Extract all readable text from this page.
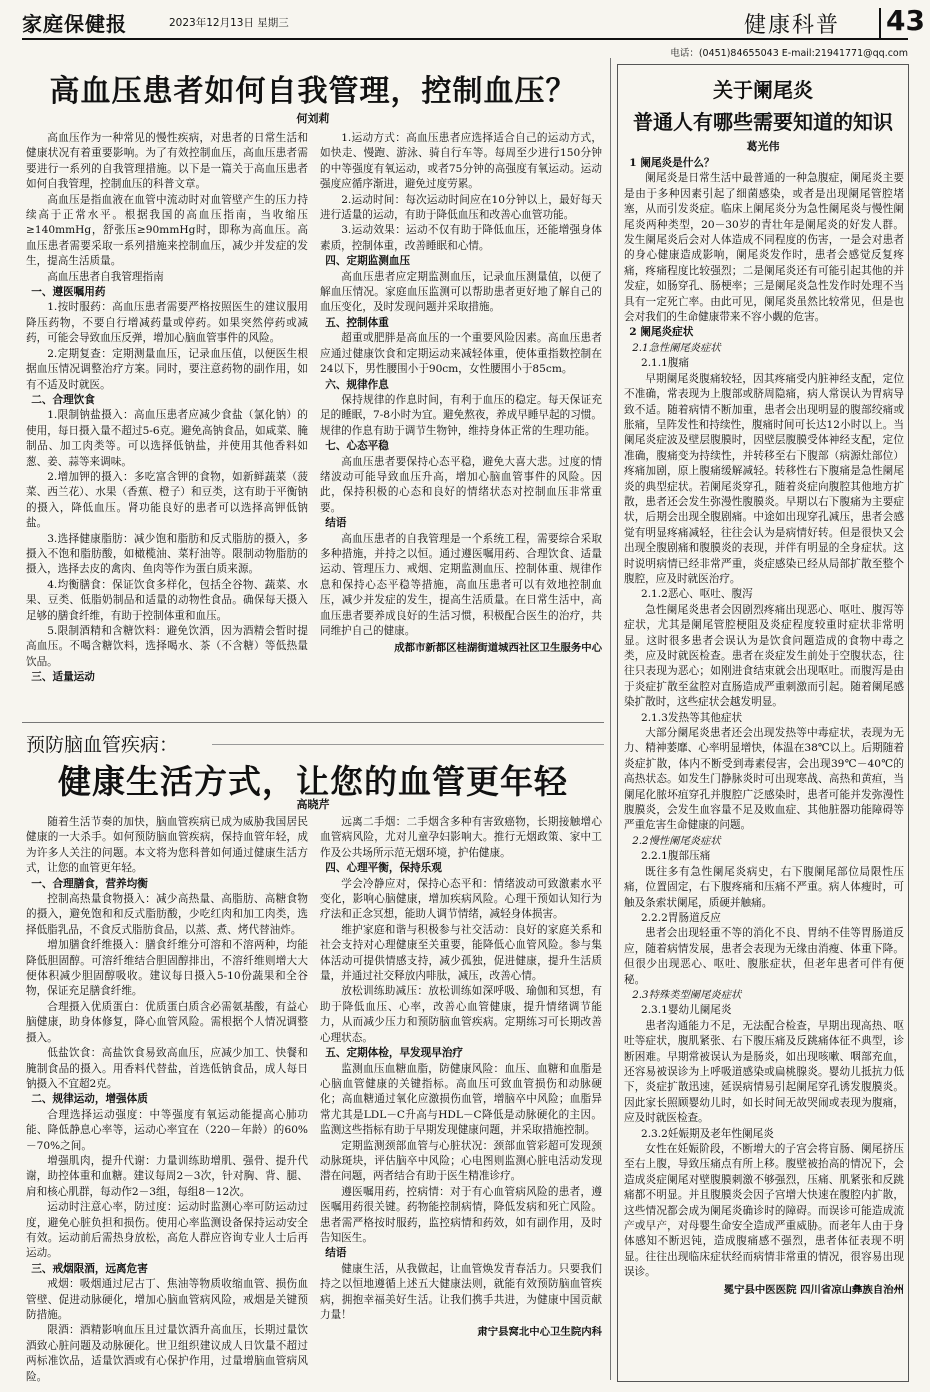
家庭保健报	2023年12月13日 星期三	健康科普 43
电话：(0451)84655043 E-mail:21941771@qq.com
高血压患者如何自我管理，控制血压？
何刘莉

高血压作为一种常见的慢性疾病，对患者的日常生活和健康状况有着重要影响。为了有效控制血压，高血压患者需要进行一系列的自我管理措施。以下是一篇关于高血压患者如何自我管理，控制血压的科普文章。

高血压是指血液在血管中流动时对血管壁产生的压力持续高于正常水平。根据我国的高血压指南，当收缩压≥140mmHg，舒张压≥90mmHg时，即称为高血压。高血压患者需要采取一系列措施来控制血压，减少并发症的发生，提高生活质量。

高血压患者自我管理指南

一、遵医嘱用药

1.按时服药：高血压患者需要严格按照医生的建议服用降压药物，不要自行增减药量或停药。如果突然停药或减药，可能会导致血压反弹，增加心脑血管事件的风险。

2.定期复查：定期测量血压，记录血压值，以便医生根据血压情况调整治疗方案。同时，要注意药物的副作用，如有不适及时就医。

二、合理饮食

1.限制钠盐摄入：高血压患者应减少食盐（氯化钠）的使用，每日摄入量不超过5-6克。避免高钠食品，如咸菜、腌制品、加工肉类等。可以选择低钠盐，并使用其他香料如葱、姜、蒜等来调味。

2.增加钾的摄入：多吃富含钾的食物，如新鲜蔬菜（菠菜、西兰花）、水果（香蕉、橙子）和豆类，这有助于平衡钠的摄入，降低血压。肾功能良好的患者可以选择高钾低钠盐。

3.选择健康脂肪：减少饱和脂肪和反式脂肪的摄入，多摄入不饱和脂肪酸，如橄榄油、菜籽油等。限制动物脂肪的摄入，选择去皮的禽肉、鱼肉等作为蛋白质来源。

4.均衡膳食：保证饮食多样化，包括全谷物、蔬菜、水果、豆类、低脂奶制品和适量的动物性食品。确保每天摄入足够的膳食纤维，有助于控制体重和血压。

5.限制酒精和含糖饮料：避免饮酒，因为酒精会暂时提高血压。不喝含糖饮料，选择喝水、茶（不含糖）等低热量饮品。

三、适量运动

1.运动方式：高血压患者应选择适合自己的运动方式，如快走、慢跑、游泳、骑自行车等。每周至少进行150分钟的中等强度有氧运动，或者75分钟的高强度有氧运动。运动强度应循序渐进，避免过度劳累。

2.运动时间：每次运动时间应在10分钟以上，最好每天进行适量的运动，有助于降低血压和改善心血管功能。

3.运动效果：运动不仅有助于降低血压，还能增强身体素质，控制体重，改善睡眠和心情。

四、定期监测血压

高血压患者应定期监测血压，记录血压测量值，以便了解血压情况。家庭血压监测可以帮助患者更好地了解自己的血压变化，及时发现问题并采取措施。

五、控制体重

超重或肥胖是高血压的一个重要风险因素。高血压患者应通过健康饮食和定期运动来减轻体重，使体重指数控制在24以下，男性腰围小于90cm，女性腰围小于85cm。

六、规律作息

保持规律的作息时间，有利于血压的稳定。每天保证充足的睡眠，7-8小时为宜。避免熬夜，养成早睡早起的习惯。规律的作息有助于调节生物钟，维持身体正常的生理功能。

七、心态平稳

高血压患者要保持心态平稳，避免大喜大悲。过度的情绪波动可能导致血压升高，增加心脑血管事件的风险。因此，保持积极的心态和良好的情绪状态对控制血压非常重要。

结语

高血压患者的自我管理是一个系统工程，需要综合采取多种措施，并持之以恒。通过遵医嘱用药、合理饮食、适量运动、管理压力、戒烟、定期监测血压、控制体重、规律作息和保持心态平稳等措施，高血压患者可以有效地控制血压，减少并发症的发生，提高生活质量。在日常生活中，高血压患者要养成良好的生活习惯，积极配合医生的治疗，共同维护自己的健康。

成都市新都区桂湖街道城西社区卫生服务中心
预防脑血管疾病：
健康生活方式，让您的血管更年轻
高晓芹

随着生活节奏的加快，脑血管疾病已成为威胁我国居民健康的一大杀手。如何预防脑血管疾病，保持血管年轻，成为许多人关注的问题。本文将为您科普如何通过健康生活方式，让您的血管更年轻。

一、合理膳食，营养均衡

控制高热量食物摄入：减少高热量、高脂肪、高糖食物的摄入，避免饱和和反式脂肪酸，少吃红肉和加工肉类，选择低脂乳品，不食反式脂肪食品，以蒸、煮、烤代替油炸。

增加膳食纤维摄入：膳食纤维分可溶和不溶两种，均能降低胆固醇。可溶纤维结合胆固醇排出，不溶纤维则增大大便体积减少胆固醇吸收。建议每日摄入5-10份蔬果和全谷物，保证充足膳食纤维。

合理摄入优质蛋白：优质蛋白质含必需氨基酸，有益心脑健康，助身体修复，降心血管风险。需根据个人情况调整摄入。

低盐饮食：高盐饮食易致高血压，应减少加工、快餐和腌制食品的摄入。用香料代替盐，首选低钠食品，成人每日钠摄入不宜超2克。

二、规律运动，增强体质

合理选择运动强度：中等强度有氧运动能提高心肺功能、降低静息心率等，运动心率宜在（220－年龄）的60%－70%之间。

增强肌肉，提升代谢：力量训练助增肌、强骨、提升代谢，助控体重和血糖。建议每周2－3次，针对胸、背、腿、肩和核心肌群，每动作2－3组，每组8－12次。

运动时注意心率，防过度：运动时监测心率可防运动过度，避免心脏负担和损伤。使用心率监测设备保持运动安全有效。运动前后需热身放松，高危人群应咨询专业人士后再运动。

三、戒烟限酒，远离危害

戒烟：吸烟通过尼古丁、焦油等物质收缩血管、损伤血管壁、促进动脉硬化，增加心脑血管病风险，戒烟是关键预防措施。

限酒：酒精影响血压且过量饮酒升高血压，长期过量饮酒致心脏问题及动脉硬化。世卫组织建议成人日饮量不超过两标准饮品，适量饮酒或有心保护作用，过量增脑血管病风险。

远离二手烟：二手烟含多种有害致癌物，长期接触增心血管病风险，尤对儿童孕妇影响大。推行无烟政策、家中工作及公共场所示范无烟环境，护佑健康。

四、心理平衡，保持乐观

学会冷静应对，保持心态平和：情绪波动可致激素水平变化，影响心脑健康，增加疾病风险。心理干预如认知行为疗法和正念冥想，能助人调节情绪，减轻身体损害。

维护家庭和谐与积极参与社交活动：良好的家庭关系和社会支持对心理健康至关重要，能降低心血管风险。参与集体活动可提供情感支持，减少孤独，促进健康，提升生活质量，并通过社交释放内啡肽，减压，改善心情。

放松训练助减压：放松训练如深呼吸、瑜伽和冥想，有助于降低血压、心率，改善心血管健康，提升情绪调节能力，从而减少压力和预防脑血管疾病。定期练习可长期改善心理状态。

五、定期体检，早发现早治疗

监测血压血糖血脂，防健康风险：血压、血糖和血脂是心脑血管健康的关键指标。高血压可致血管损伤和动脉硬化；高血糖通过氧化应激损伤血管，增脑卒中风险；血脂异常尤其是LDL－C升高与HDL－C降低是动脉硬化的主因。监测这些指标有助于早期发现健康问题，并采取措施控制。

定期监测颈部血管与心脏状况：颈部血管彩超可发现颈动脉斑块，评估脑卒中风险；心电图则监测心脏电活动发现潜在问题，两者结合有助于医生精准诊疗。

遵医嘱用药，控病情：对于有心血管病风险的患者，遵医嘱用药很关键。药物能控制病情，降低发病和死亡风险。患者需严格按时服药，监控病情和药效，如有副作用，及时告知医生。

结语

健康生活，从我做起，让血管焕发青春活力。只要我们持之以恒地遵循上述五大健康法则，就能有效预防脑血管疾病，拥抱幸福美好生活。让我们携手共进，为健康中国贡献力量！

肃宁县窝北中心卫生院内科
关于阑尾炎
普通人有哪些需要知道的知识
葛光伟
1 阑尾炎是什么？

阑尾炎是日常生活中最普通的一种急腹症，阑尾炎主要是由于多种因素引起了细菌感染，或者是出现阑尾管腔堵塞，从而引发炎症。临床上阑尾炎分为急性阑尾炎与慢性阑尾炎两种类型，20－30岁的青壮年是阑尾炎的好发人群。发生阑尾炎后会对人体造成不同程度的伤害，一是会对患者的身心健康造成影响，阑尾炎发作时，患者会感觉反复疼痛，疼痛程度比较强烈；二是阑尾炎还有可能引起其他的并发症，如肠穿孔、肠梗率；三是阑尾炎急性发作时处理不当具有一定死亡率。由此可见，阑尾炎虽然比较常见，但是也会对我们的生命健康带来不容小觑的危害。

2 阑尾炎症状
2.1急性阑尾炎症状

2.1.1腹痛

早期阑尾炎腹痛较轻，因其疼痛受内脏神经支配，定位不准确，常表现为上腹部或脐周隐痛，病人常误认为胃病导致不适。随着病情不断加重，患者会出现明显的腹部绞痛或胀痛，呈阵发性和持续性，腹痛时间可长达12小时以上。当阑尾炎症波及壁层腹膜时，因壁层腹膜受体神经支配，定位准确，腹痛变为持续性，并转移至右下腹部（病源灶部位）疼痛加剧，原上腹痛缓解减轻。转移性右下腹痛是急性阑尾炎的典型症状。若阑尾炎穿孔，随着炎症向腹腔其他地方扩散，患者还会发生弥漫性腹膜炎。早期以右下腹痛为主要症状，后期会出现全腹剧痛。中途如出现穿孔减压，患者会感觉有明显疼痛减轻，往往会认为是病情好转。但是很快又会出现全腹剧痛和腹膜炎的表现，并伴有明显的全身症状。这时说明病情已经非常严重，炎症感染已经从局部扩散至整个腹腔，应及时就医治疗。

2.1.2恶心、呕吐、腹泻

急性阑尾炎患者会因剧烈疼痛出现恶心、呕吐、腹泻等症状，尤其是阑尾管腔梗阻及炎症程度较重时症状非常明显。这时很多患者会误认为是饮食问题造成的食物中毒之类，应及时就医检查。患者在炎症发生前处于空腹状态，往往只表现为恶心；如刚进食结束就会出现呕吐。而腹泻是由于炎症扩散至盆腔对直肠造成严重刺激而引起。随着阑尾感染扩散时，这些症状会越发明显。

2.1.3发热等其他症状

大部分阑尾炎患者还会出现发热等中毒症状，表现为无力、精神萎靡、心率明显增快，体温在38℃以上。后期随着炎症扩散，体内不断受到毒素侵害，会出现39℃－40℃的高热状态。如发生门静脉炎时可出现寒战、高热和黄疸，当阑尾化脓坏疽穿孔并腹腔广泛感染时，患者可能并发弥漫性腹膜炎，会发生血容量不足及败血症、其他脏器功能障碍等严重危害生命健康的问题。

2.2慢性阑尾炎症状

2.2.1腹部压痛

既往多有急性阑尾炎病史，右下腹阑尾部位局限性压痛，位置固定，右下腹疼痛和压痛不严重。病人体瘦时，可触及条索状阑尾，质硬并触痛。

2.2.2胃肠道反应

患者会出现轻重不等的消化不良、胃纳不佳等胃肠道反应，随着病情发展，患者会表现为无缘由消瘦、体重下降。但很少出现恶心、呕吐、腹胀症状，但老年患者可伴有便秘。

2.3特殊类型阑尾炎症状

2.3.1婴幼儿阑尾炎

患者沟通能力不足，无法配合检查，早期出现高热、呕吐等症状，腹肌紧张、右下腹压痛及反跳痛体征不典型，诊断困难。早期常被误认为是肠炎，如出现咳嗽、咽部充血，还容易被误诊为上呼吸道感染或扁桃腺炎。婴幼儿抵抗力低下，炎症扩散迅速，延误病情易引起阑尾穿孔诱发腹膜炎。因此家长照顾婴幼儿时，如长时间无故哭闹或表现为腹痛，应及时就医检查。

2.3.2妊娠期及老年性阑尾炎

女性在妊娠阶段，不断增大的子宫会将盲肠、阑尾挤压至右上腹，导致压痛点有所上移。腹壁被抬高的情况下，会造成炎症阑尾对壁腹膜刺激不够强烈，压痛、肌紧张和反跳痛都不明显。并且腹膜炎会因子宫增大快速在腹腔内扩散，这些情况都会成为阑尾炎确诊时的障碍。而误诊可能造成流产或早产，对母婴生命安全造成严重威胁。而老年人由于身体感知不断迟钝，造成腹痛感不强烈，患者体征表现不明显。往往出现临床症状经而病情非常重的情况，很容易出现误诊。

冕宁县中医医院 四川省凉山彝族自治州
